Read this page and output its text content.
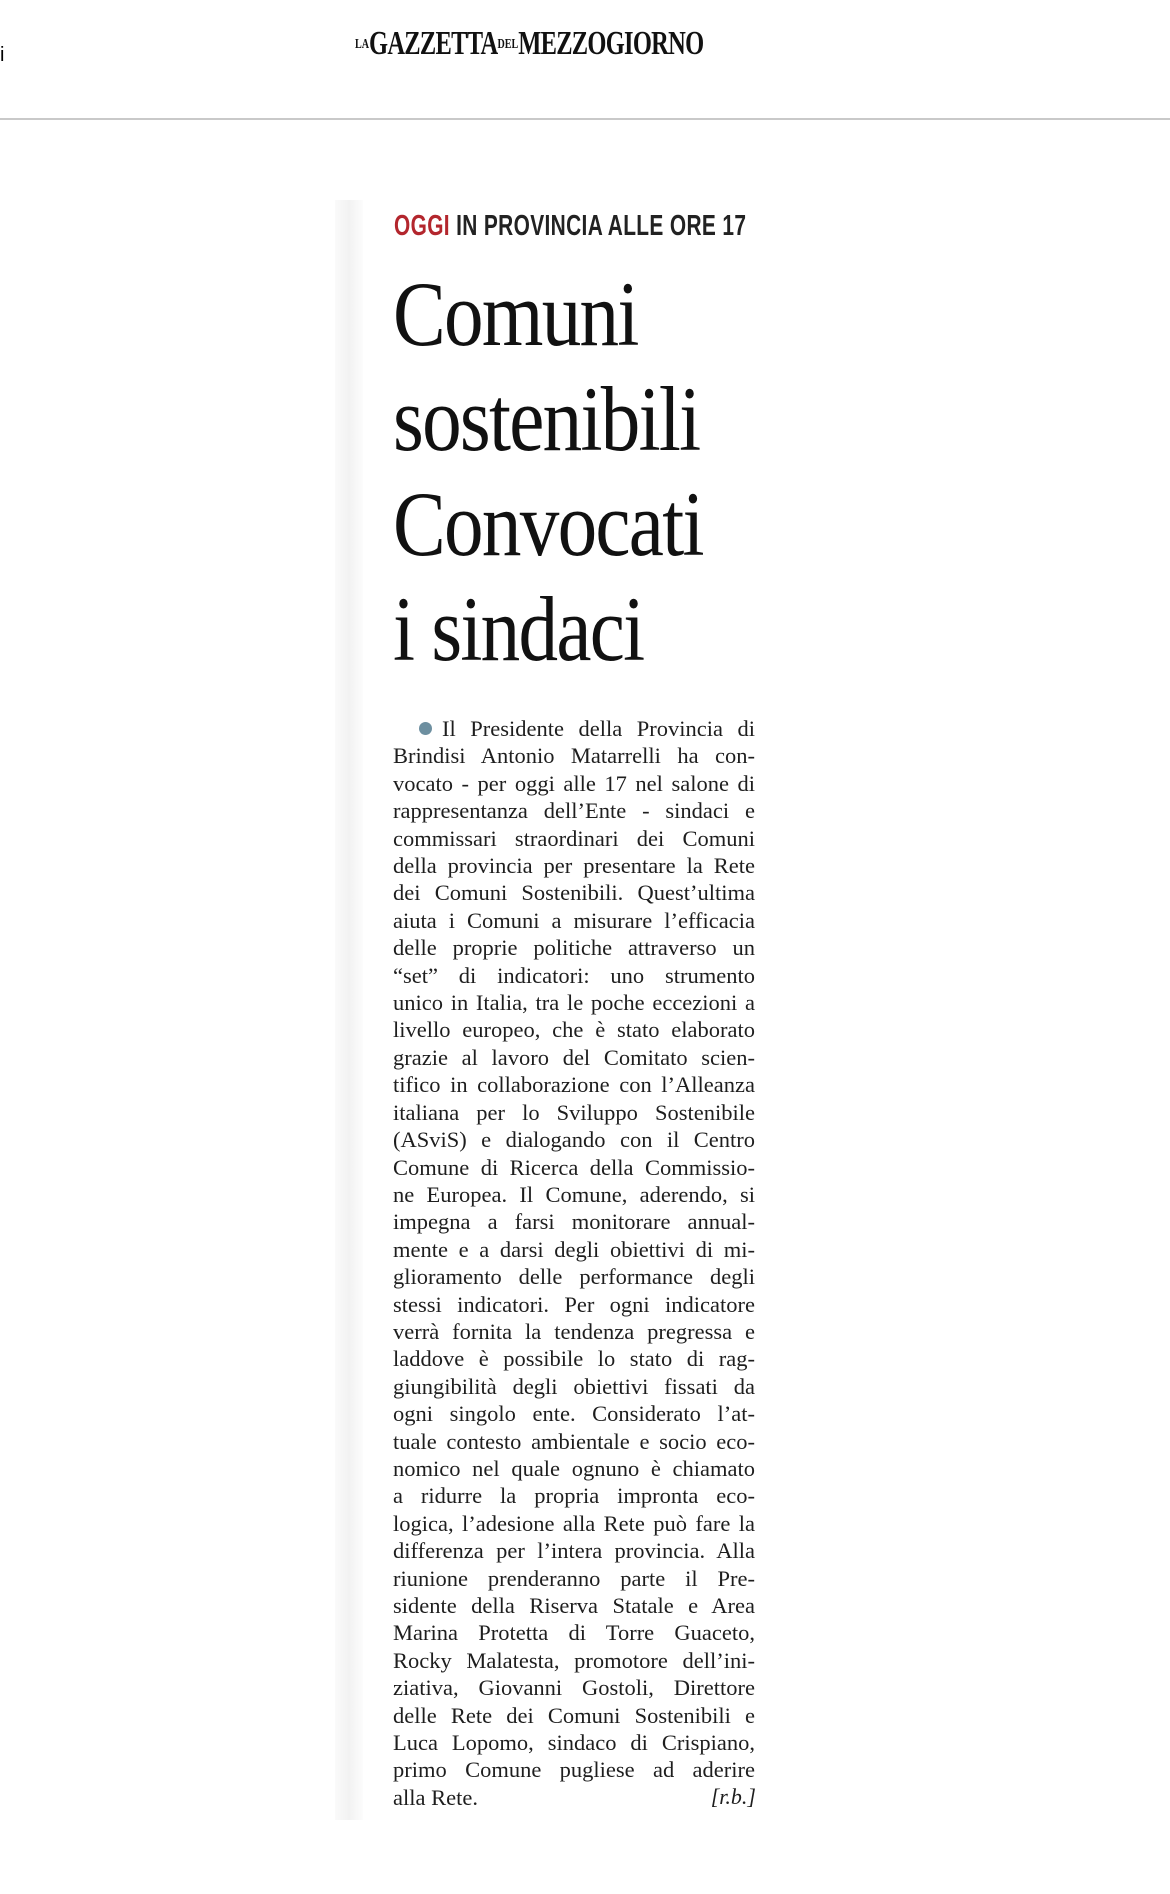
i	LAGAZZETTADELMEZZOGIORNO
OGGI IN PROVINCIA ALLE ORE 17
Comuni
sostenibili
Convocati
i sindaci
Il Presidente della Provincia di
Brindisi Antonio Matarrelli ha con-
vocato - per oggi alle 17 nel salone di
rappresentanza dell’Ente - sindaci e
commissari straordinari dei Comuni
della provincia per presentare la Rete
dei Comuni Sostenibili. Quest’ultima
aiuta i Comuni a misurare l’efficacia
delle proprie politiche attraverso un
“set” di indicatori: uno strumento
unico in Italia, tra le poche eccezioni a
livello europeo, che è stato elaborato
grazie al lavoro del Comitato scien-
tifico in collaborazione con l’Alleanza
italiana per lo Sviluppo Sostenibile
(ASviS) e dialogando con il Centro
Comune di Ricerca della Commissio-
ne Europea. Il Comune, aderendo, si
impegna a farsi monitorare annual-
mente e a darsi degli obiettivi di mi-
glioramento delle performance degli
stessi indicatori. Per ogni indicatore
verrà fornita la tendenza pregressa e
laddove è possibile lo stato di rag-
giungibilità degli obiettivi fissati da
ogni singolo ente. Considerato l’at-
tuale contesto ambientale e socio eco-
nomico nel quale ognuno è chiamato
a ridurre la propria impronta eco-
logica, l’adesione alla Rete può fare la
differenza per l’intera provincia. Alla
riunione prenderanno parte il Pre-
sidente della Riserva Statale e Area
Marina Protetta di Torre Guaceto,
Rocky Malatesta, promotore dell’ini-
ziativa, Giovanni Gostoli, Direttore
delle Rete dei Comuni Sostenibili e
Luca Lopomo, sindaco di Crispiano,
primo Comune pugliese ad aderire
alla Rete.	[r.b.]
